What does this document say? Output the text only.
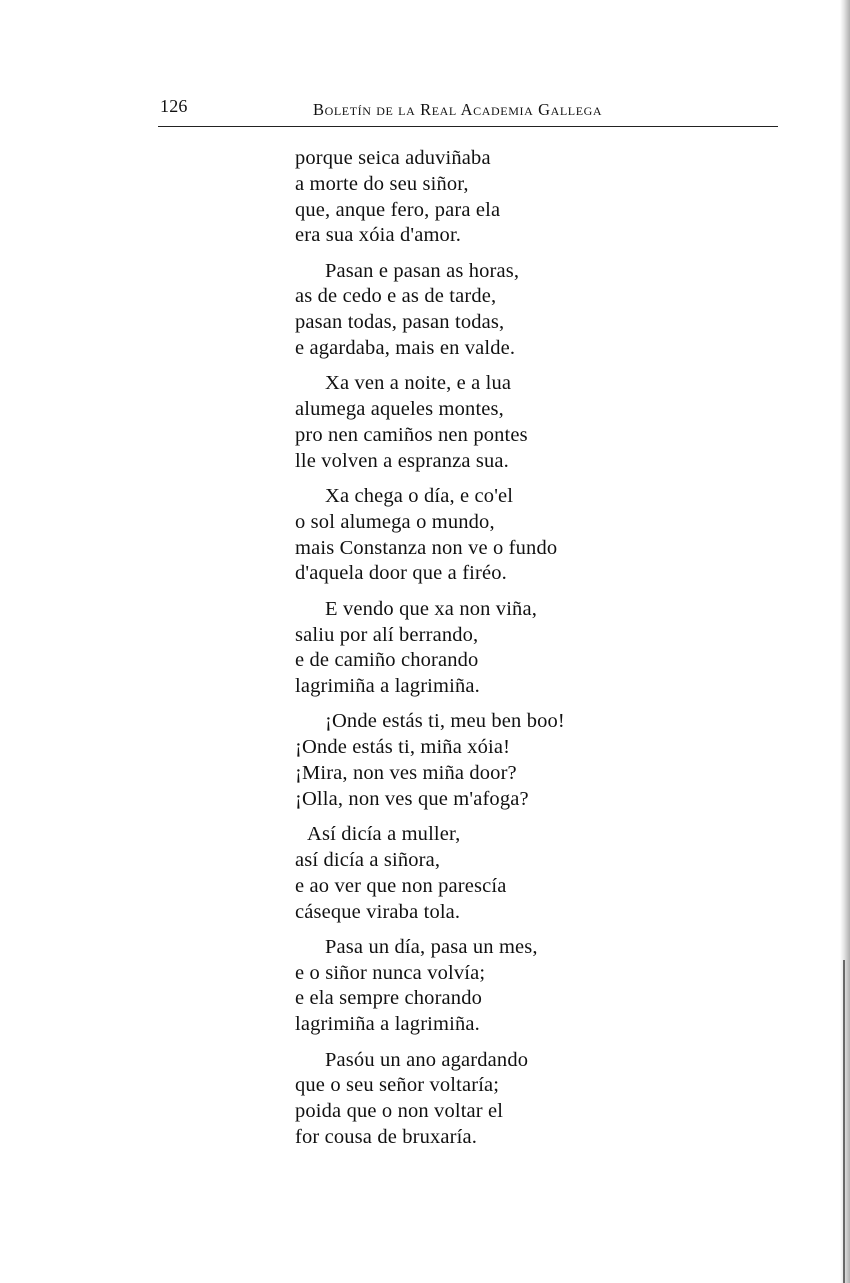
126	Boletín de la Real Academia Gallega
porque seica aduviñaba
a morte do seu siñor,
que, anque fero, para ela
era sua xóia d'amor.
Pasan e pasan as horas,
as de cedo e as de tarde,
pasan todas, pasan todas,
e agardaba, mais en valde.
Xa ven a noite, e a lua
alumega aqueles montes,
pro nen camiños nen pontes
lle volven a espranza sua.
Xa chega o día, e co'el
o sol alumega o mundo,
mais Constanza non ve o fundo
d'aquela door que a firéo.
E vendo que xa non viña,
saliu por alí berrando,
e de camiño chorando
lagrimiña a lagrimiña.
¡Onde estás ti, meu ben boo!
¡Onde estás ti, miña xóia!
¡Mira, non ves miña door?
¡Olla, non ves que m'afoga?
Así dicía a muller,
así dicía a siñora,
e ao ver que non parescía
cáseque viraba tola.
Pasa un día, pasa un mes,
e o siñor nunca volvía;
e ela sempre chorando
lagrimiña a lagrimiña.
Pasóu un ano agardando
que o seu señor voltaría;
poida que o non voltar el
for cousa de bruxaría.
